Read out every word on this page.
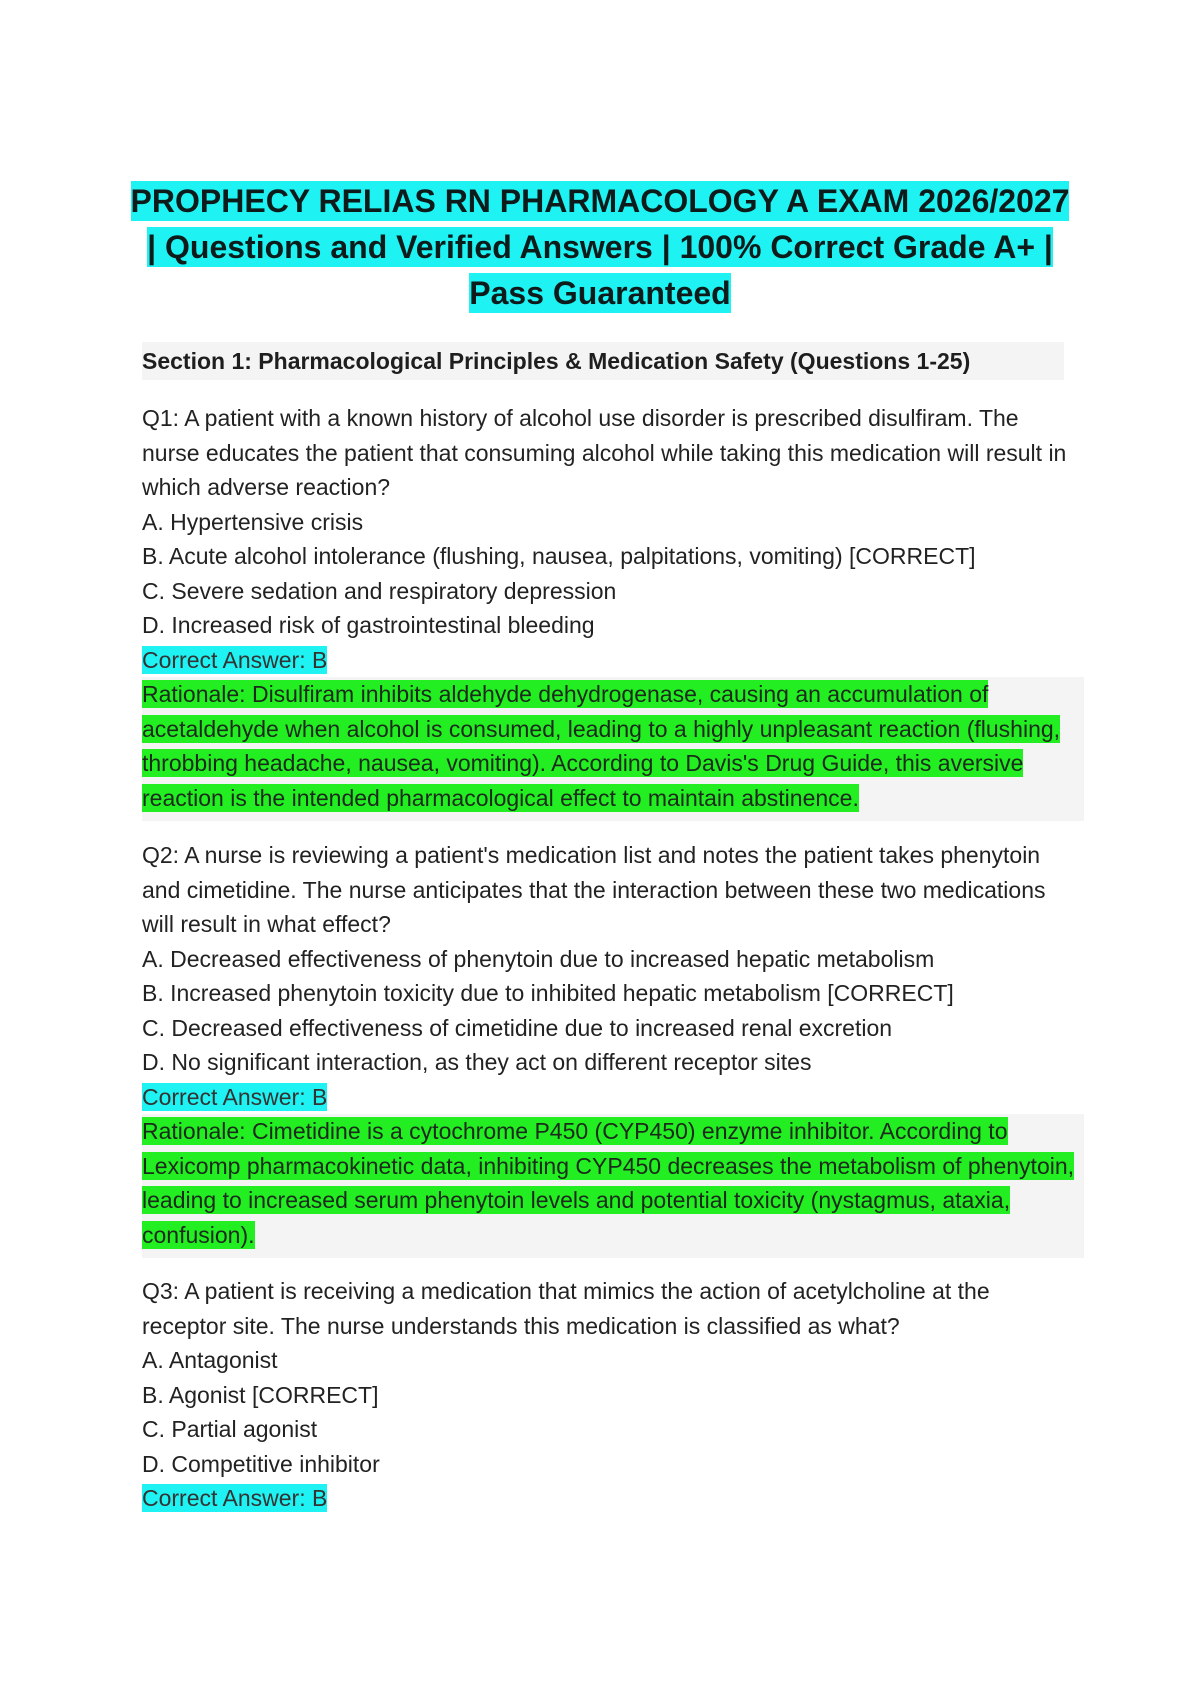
PROPHECY RELIAS RN PHARMACOLOGY A EXAM 2026/2027 | Questions and Verified Answers | 100% Correct Grade A+ | Pass Guaranteed
Section 1: Pharmacological Principles & Medication Safety (Questions 1-25)

Q1: A patient with a known history of alcohol use disorder is prescribed disulfiram. The nurse educates the patient that consuming alcohol while taking this medication will result in which adverse reaction?

A. Hypertensive crisis

B. Acute alcohol intolerance (flushing, nausea, palpitations, vomiting) [CORRECT]

C. Severe sedation and respiratory depression

D. Increased risk of gastrointestinal bleeding

Correct Answer: B

Rationale: Disulfiram inhibits aldehyde dehydrogenase, causing an accumulation of acetaldehyde when alcohol is consumed, leading to a highly unpleasant reaction (flushing, throbbing headache, nausea, vomiting). According to Davis's Drug Guide, this aversive reaction is the intended pharmacological effect to maintain abstinence.

Q2: A nurse is reviewing a patient's medication list and notes the patient takes phenytoin and cimetidine. The nurse anticipates that the interaction between these two medications will result in what effect?

A. Decreased effectiveness of phenytoin due to increased hepatic metabolism

B. Increased phenytoin toxicity due to inhibited hepatic metabolism [CORRECT]

C. Decreased effectiveness of cimetidine due to increased renal excretion

D. No significant interaction, as they act on different receptor sites

Correct Answer: B

Rationale: Cimetidine is a cytochrome P450 (CYP450) enzyme inhibitor. According to Lexicomp pharmacokinetic data, inhibiting CYP450 decreases the metabolism of phenytoin, leading to increased serum phenytoin levels and potential toxicity (nystagmus, ataxia, confusion).

Q3: A patient is receiving a medication that mimics the action of acetylcholine at the receptor site. The nurse understands this medication is classified as what?

A. Antagonist

B. Agonist [CORRECT]

C. Partial agonist

D. Competitive inhibitor

Correct Answer: B
